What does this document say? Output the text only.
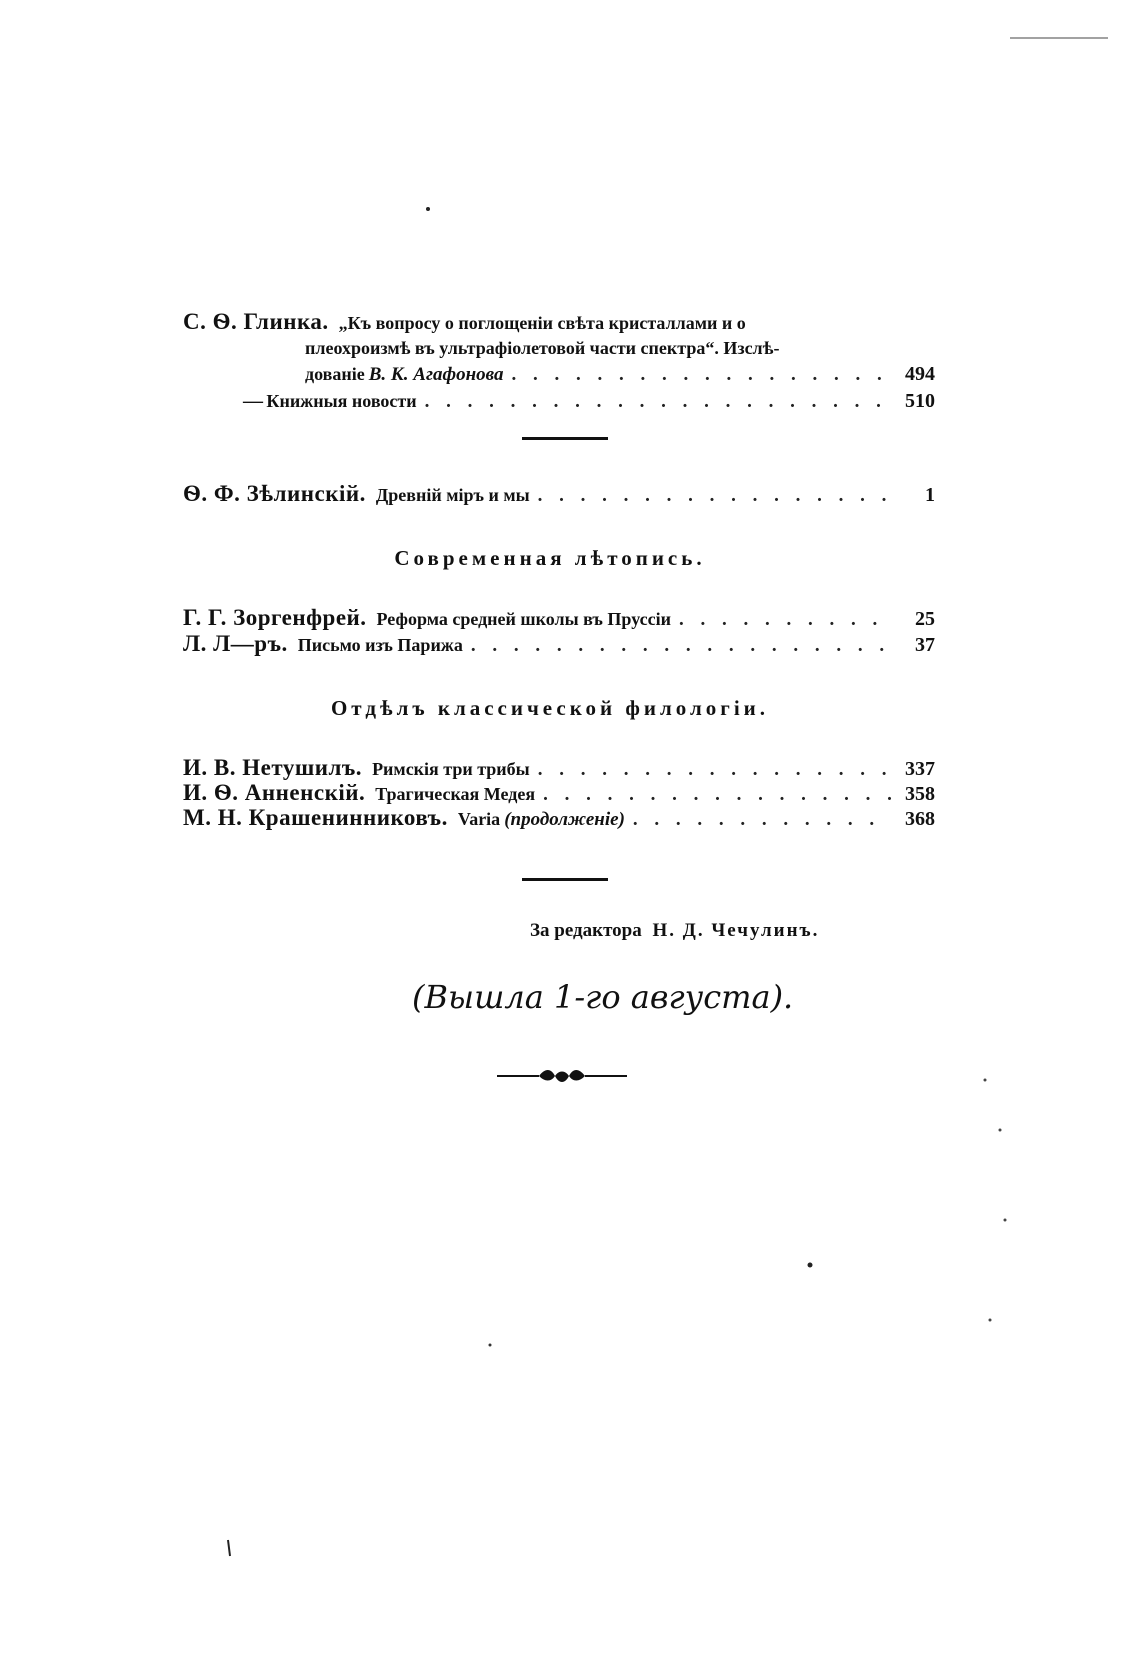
С. Ѳ. Глинка. „Къ вопросу о поглощеніи свѣта кристаллами и о
плеохроизмѣ въ ультрафіолетовой части спектра“. Изслѣ-
дованіе В. К. Агафонова . . .	494
— Книжныя новости . . .	510
Ѳ. Ф. Зѣлинскій. Древній міръ и мы . . .	1
Современная лѣтопись.
Г. Г. Зоргенфрей. Реформа средней школы въ Пруссіи . . .	25
Л. Л—ръ. Письмо изъ Парижа . . .	37
Отдѣлъ классической филологіи.
И. В. Нетушилъ. Римскія три трибы . . .	337
И. Ѳ. Анненскій. Трагическая Медея . . .	358
М. Н. Крашенинниковъ. Varia (продолженіе) . . .	368
За редактора Н. Д. Чечулинъ.
(Вышла 1-го августа).
